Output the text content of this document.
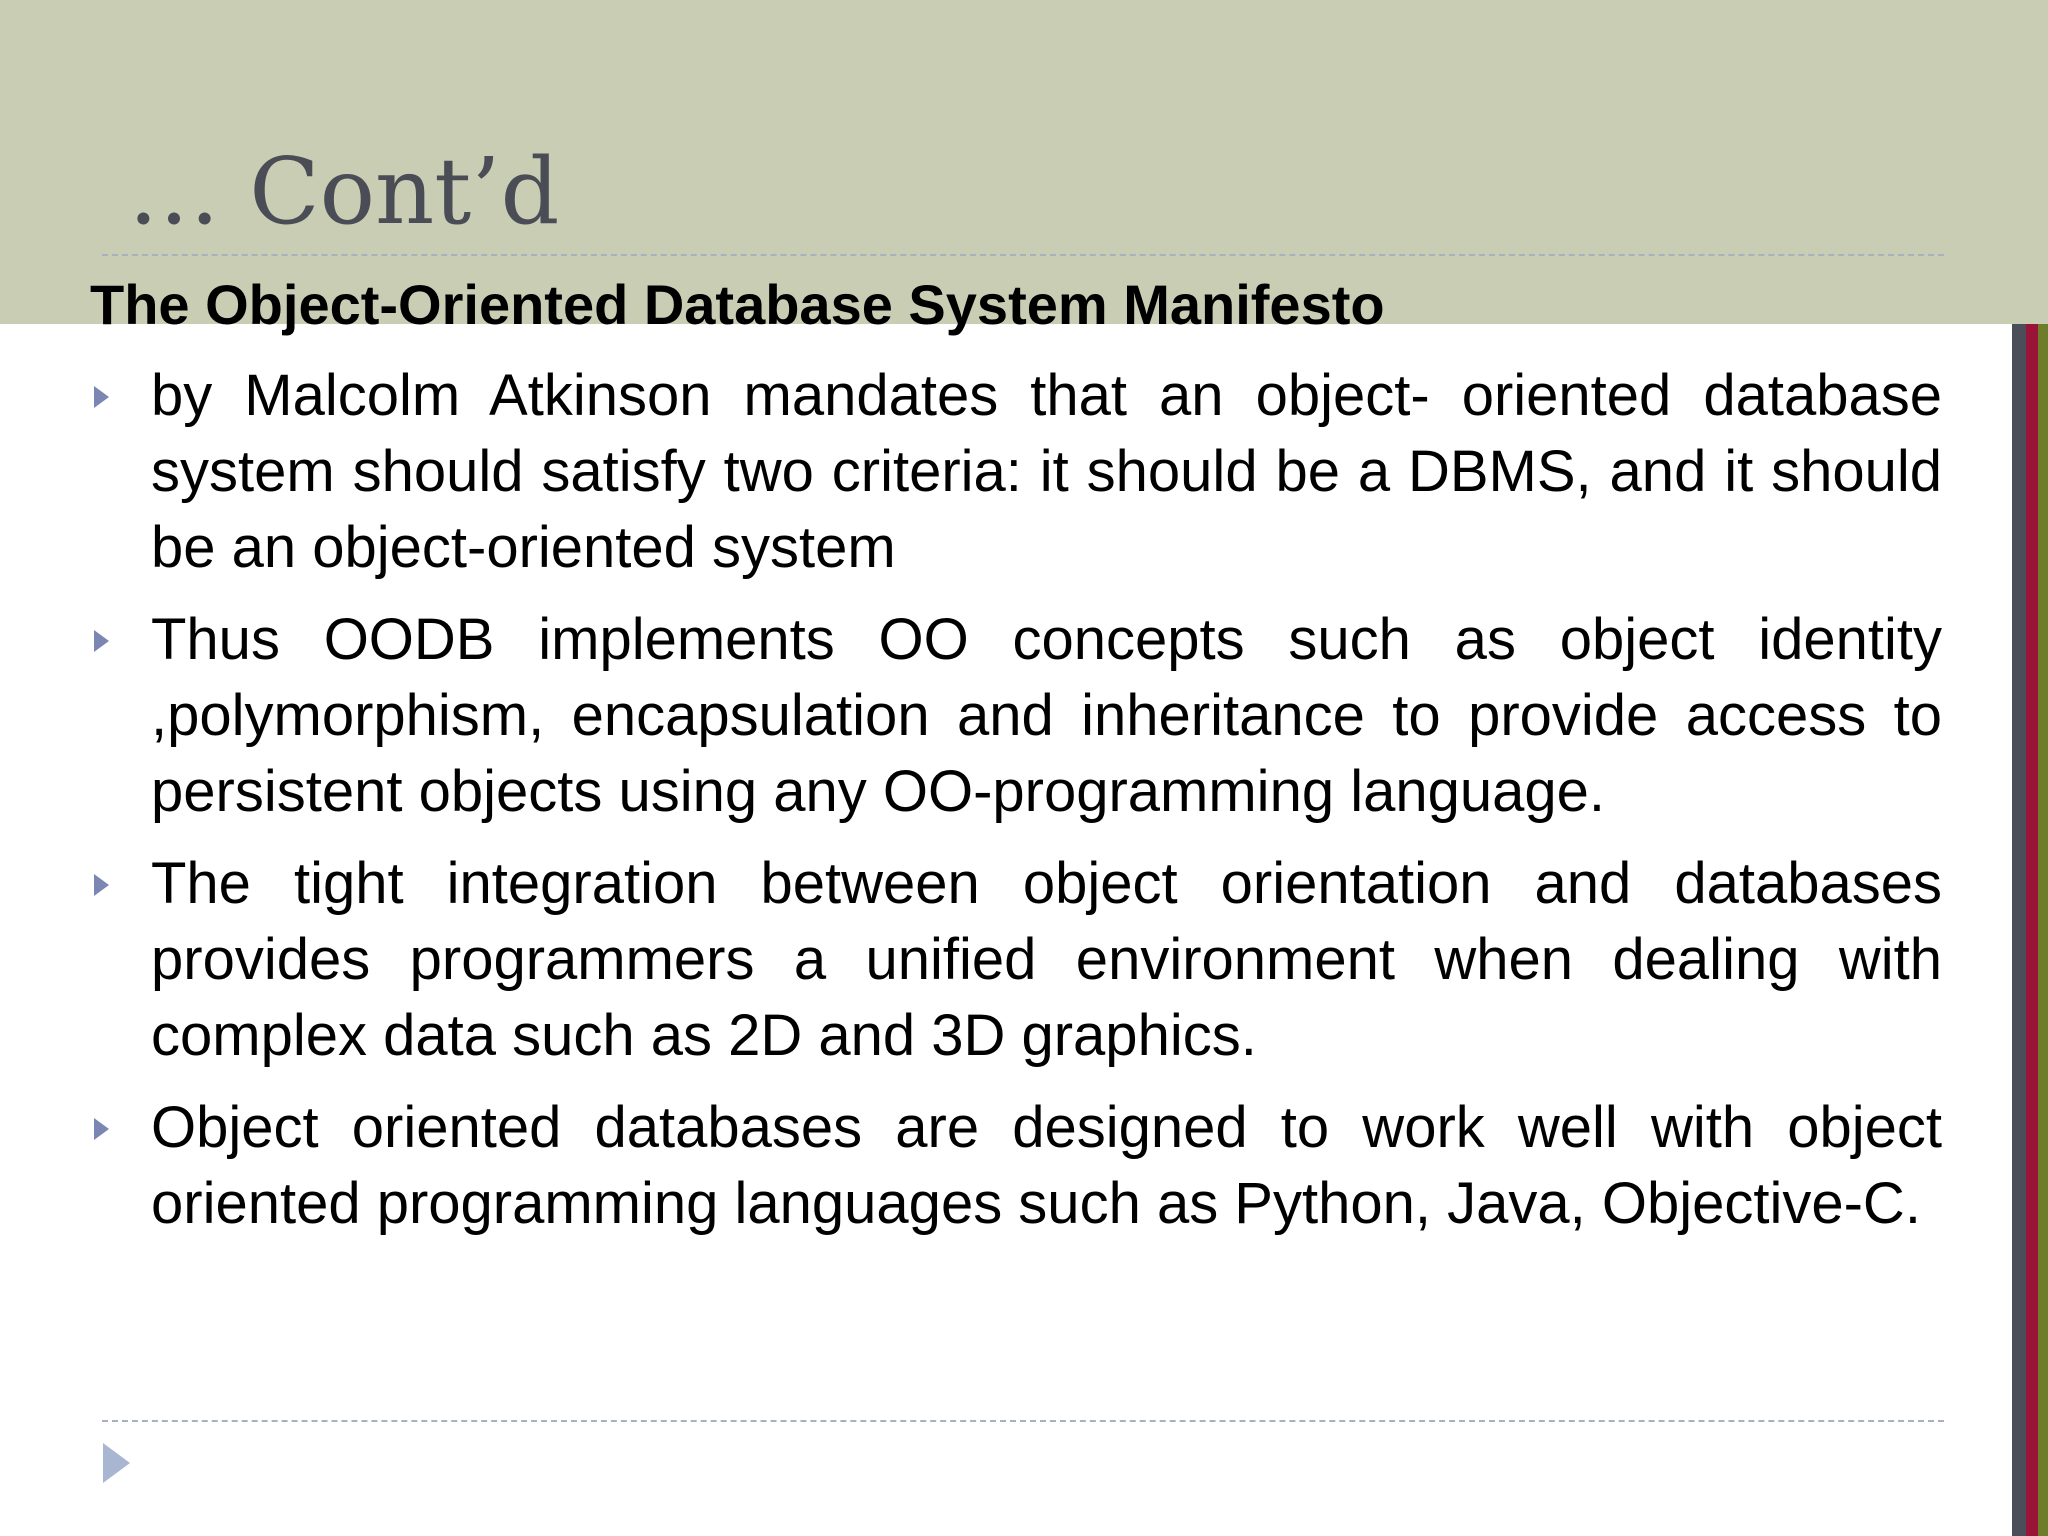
… Cont’d
The Object-Oriented Database System Manifesto
by Malcolm Atkinson mandates that an object- oriented database system should satisfy two criteria: it should be a DBMS, and it should be an object-oriented system
Thus OODB implements OO concepts such as object identity ,polymorphism, encapsulation and inheritance to provide access to persistent objects using any OO-programming language.
The tight integration between object orientation and databases provides programmers a unified environment when dealing with complex data such as 2D and 3D graphics.
Object oriented databases are designed to work well with object oriented programming languages such as Python, Java, Objective-C.
